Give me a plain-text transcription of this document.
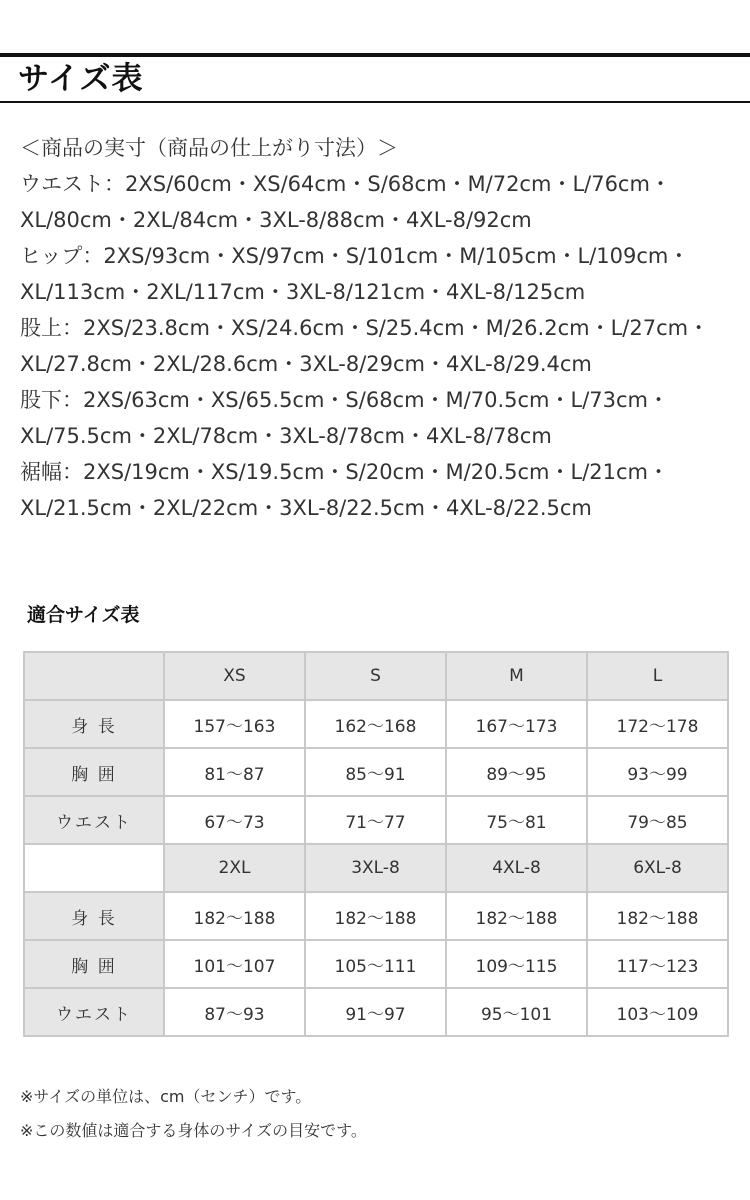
サイズ表
＜商品の実寸（商品の仕上がり寸法）＞
ウエスト：2XS/60cm・XS/64cm・S/68cm・M/72cm・L/76cm・
XL/80cm・2XL/84cm・3XL-8/88cm・4XL-8/92cm
ヒップ：2XS/93cm・XS/97cm・S/101cm・M/105cm・L/109cm・
XL/113cm・2XL/117cm・3XL-8/121cm・4XL-8/125cm
股上：2XS/23.8cm・XS/24.6cm・S/25.4cm・M/26.2cm・L/27cm・
XL/27.8cm・2XL/28.6cm・3XL-8/29cm・4XL-8/29.4cm
股下：2XS/63cm・XS/65.5cm・S/68cm・M/70.5cm・L/73cm・
XL/75.5cm・2XL/78cm・3XL-8/78cm・4XL-8/78cm
裾幅：2XS/19cm・XS/19.5cm・S/20cm・M/20.5cm・L/21cm・
XL/21.5cm・2XL/22cm・3XL-8/22.5cm・4XL-8/22.5cm
適合サイズ表
	XS	S	M	L
身 長	157～163	162～168	167～173	172～178
胸 囲	81～87	85～91	89～95	93～99
ウエスト	67～73	71～77	75～81	79～85
	2XL	3XL-8	4XL-8	6XL-8
身 長	182～188	182～188	182～188	182～188
胸 囲	101～107	105～111	109～115	117～123
ウエスト	87～93	91～97	95～101	103～109
※サイズの単位は、cm（センチ）です。
※この数値は適合する身体のサイズの目安です。
